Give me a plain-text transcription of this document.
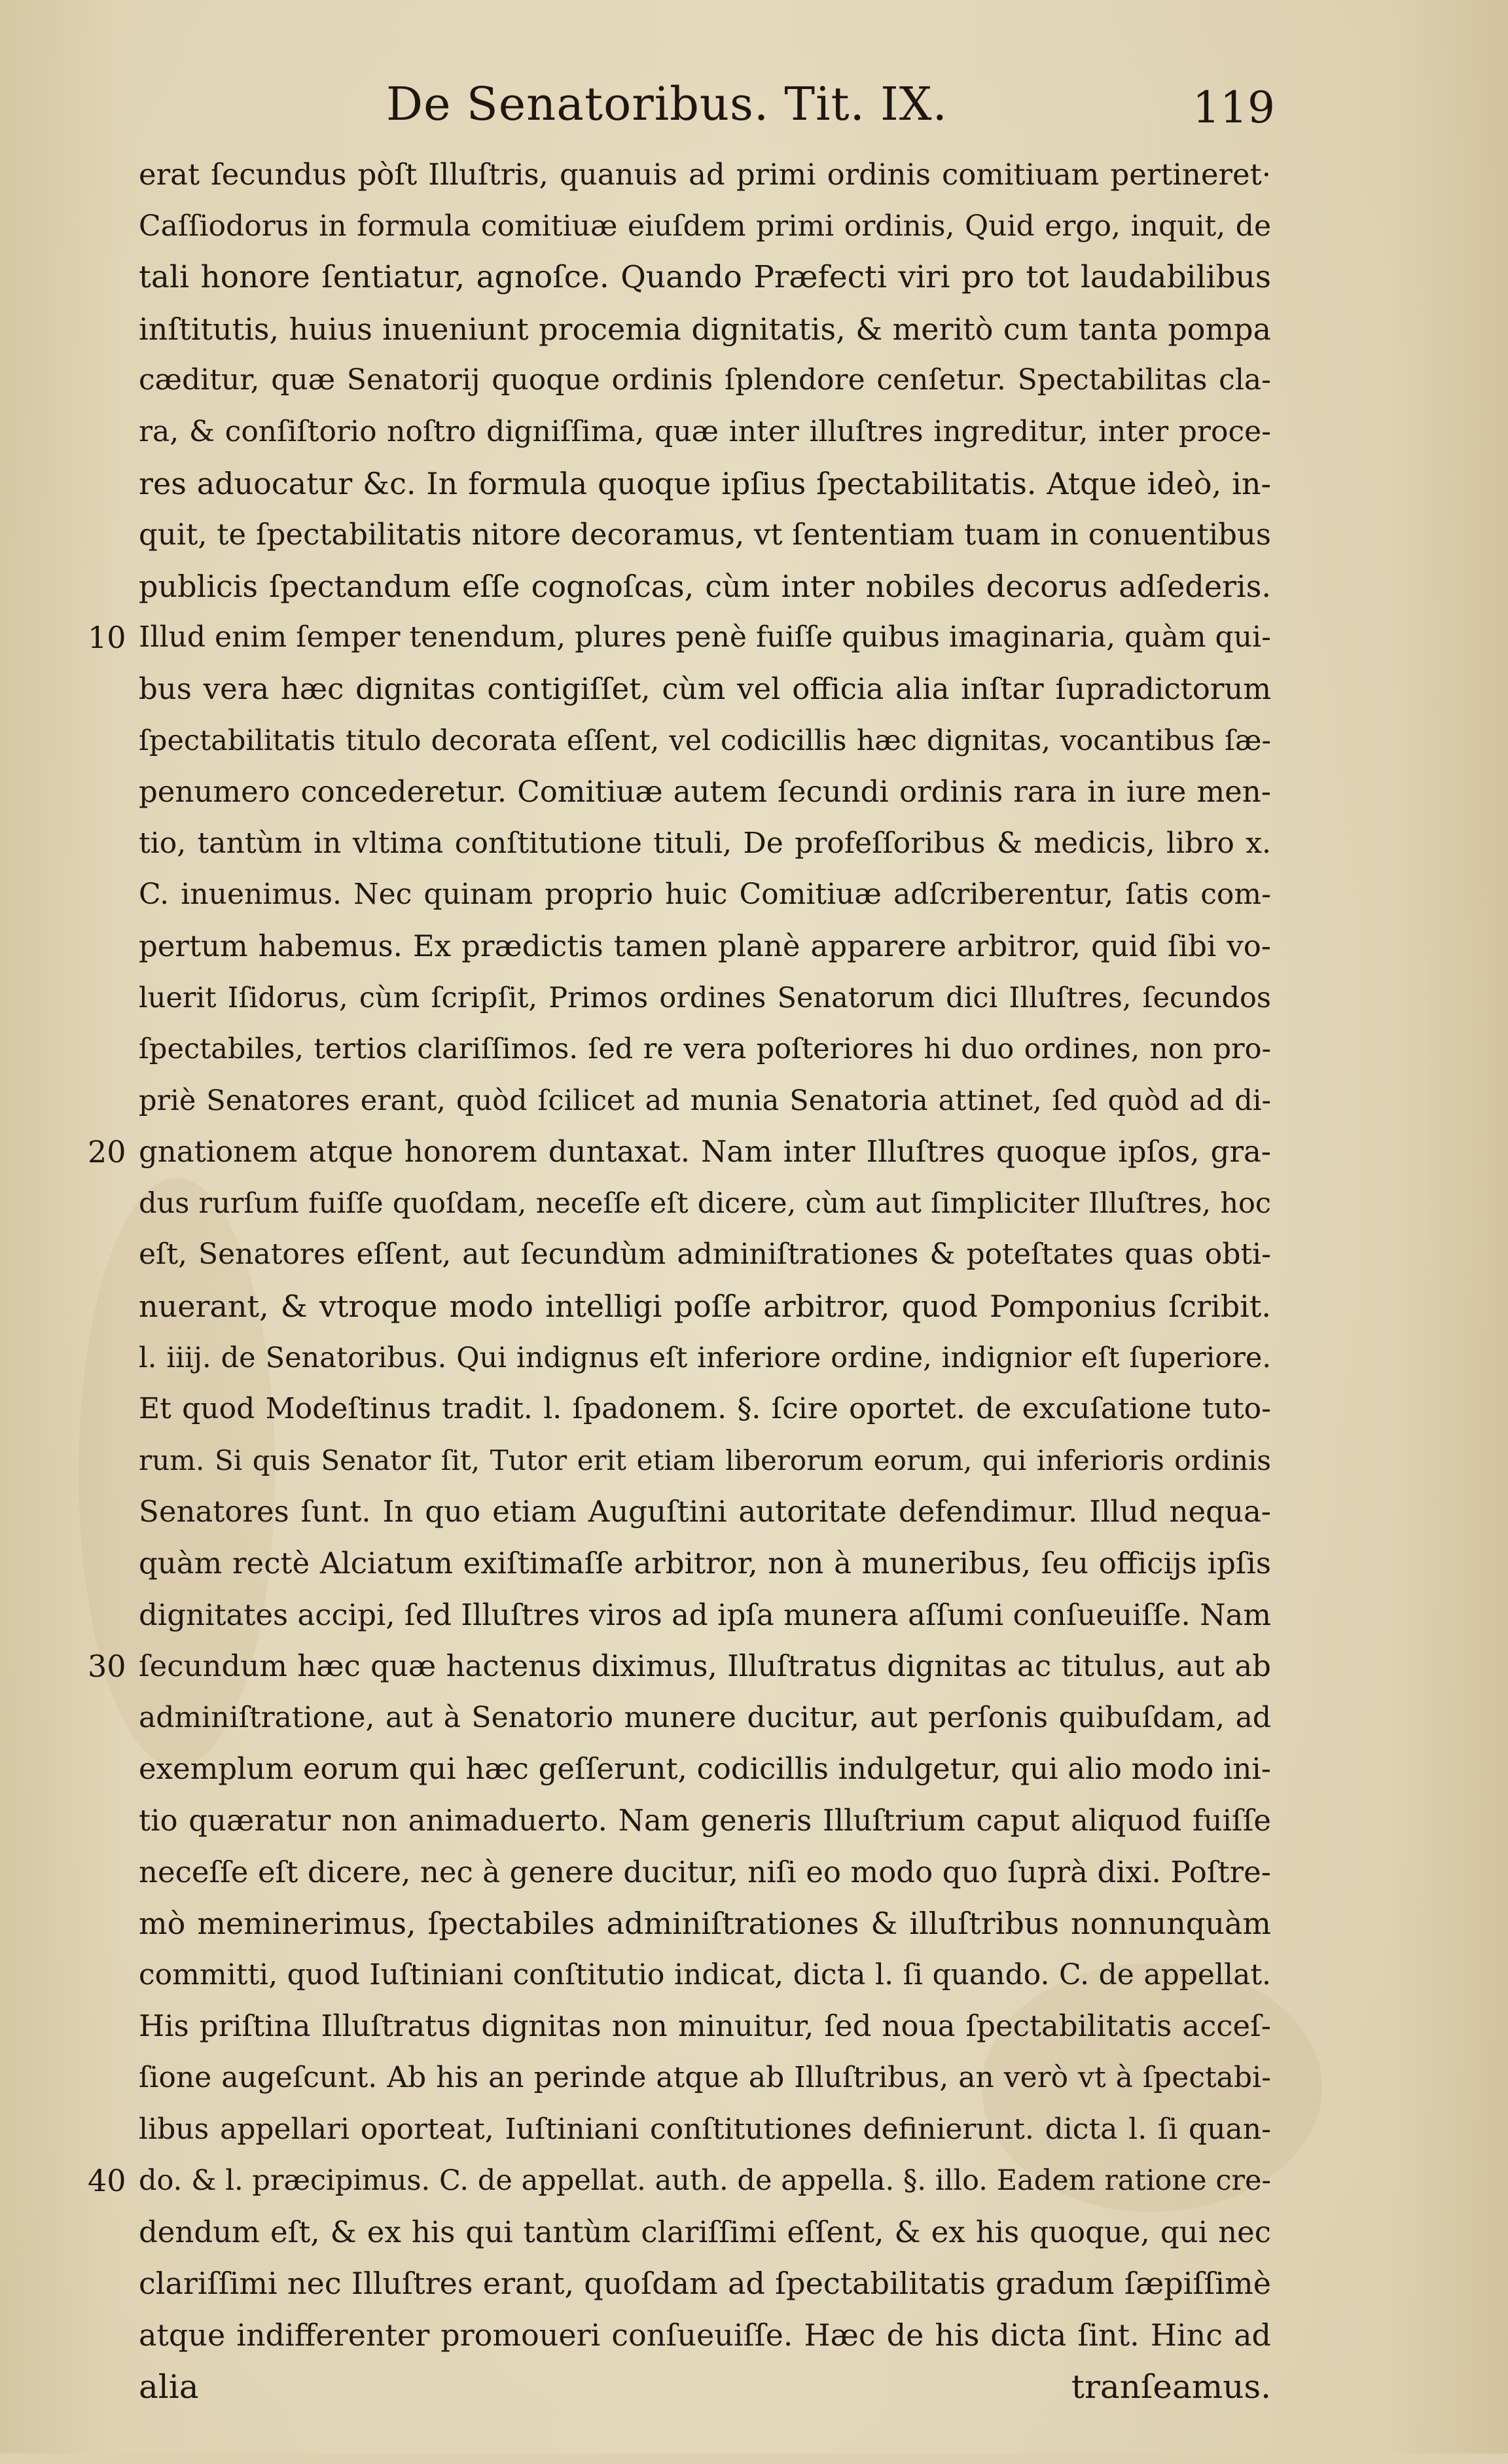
De Senatoribus. Tit. IX.	119
10
20
30
40
erat ſecundus pòſt Illuſtris, quanuis ad primi ordinis comitiuam pertineret·
Caſſiodorus in formula comitiuæ eiuſdem primi ordinis, Quid ergo, inquit, de
tali honore ſentiatur, agnoſce. Quando Præfecti viri pro tot laudabilibus
inſtitutis, huius inueniunt procemia dignitatis, & meritò cum tanta pompa
cæditur, quæ Senatorij quoque ordinis ſplendore cenſetur. Spectabilitas cla-
ra, & conſiſtorio noſtro digniſſima, quæ inter illuſtres ingreditur, inter proce-
res aduocatur &c. In formula quoque ipſius ſpectabilitatis. Atque ideò, in-
quit, te ſpectabilitatis nitore decoramus, vt ſententiam tuam in conuentibus
publicis ſpectandum eſſe cognoſcas, cùm inter nobiles decorus adſederis.
Illud enim ſemper tenendum, plures penè fuiſſe quibus imaginaria, quàm qui-
bus vera hæc dignitas contigiſſet, cùm vel officia alia inſtar ſupradictorum
ſpectabilitatis titulo decorata eſſent, vel codicillis hæc dignitas, vocantibus ſæ-
penumero concederetur. Comitiuæ autem ſecundi ordinis rara in iure men-
tio, tantùm in vltima conſtitutione tituli, De profeſſoribus & medicis, libro x.
C. inuenimus. Nec quinam proprio huic Comitiuæ adſcriberentur, ſatis com-
pertum habemus. Ex prædictis tamen planè apparere arbitror, quid ſibi vo-
luerit Iſidorus, cùm ſcripſit, Primos ordines Senatorum dici Illuſtres, ſecundos
ſpectabiles, tertios clariſſimos. ſed re vera poſteriores hi duo ordines, non pro-
priè Senatores erant, quòd ſcilicet ad munia Senatoria attinet, ſed quòd ad di-
gnationem atque honorem duntaxat. Nam inter Illuſtres quoque ipſos, gra-
dus rurſum fuiſſe quoſdam, neceſſe eſt dicere, cùm aut ſimpliciter Illuſtres, hoc
eſt, Senatores eſſent, aut ſecundùm adminiſtrationes & poteſtates quas obti-
nuerant, & vtroque modo intelligi poſſe arbitror, quod Pomponius ſcribit.
l. iiij. de Senatoribus. Qui indignus eſt inferiore ordine, indignior eſt ſuperiore.
Et quod Modeſtinus tradit. l. ſpadonem. §. ſcire oportet. de excuſatione tuto-
rum. Si quis Senator ſit, Tutor erit etiam liberorum eorum, qui inferioris ordinis
Senatores ſunt. In quo etiam Auguſtini autoritate defendimur. Illud nequa-
quàm rectè Alciatum exiſtimaſſe arbitror, non à muneribus, ſeu officijs ipſis
dignitates accipi, ſed Illuſtres viros ad ipſa munera aſſumi conſueuiſſe. Nam
ſecundum hæc quæ hactenus diximus, Illuſtratus dignitas ac titulus, aut ab
adminiſtratione, aut à Senatorio munere ducitur, aut perſonis quibuſdam, ad
exemplum eorum qui hæc geſſerunt, codicillis indulgetur, qui alio modo ini-
tio quæratur non animaduerto. Nam generis Illuſtrium caput aliquod fuiſſe
neceſſe eſt dicere, nec à genere ducitur, niſi eo modo quo ſuprà dixi. Poſtre-
mò meminerimus, ſpectabiles adminiſtrationes & illuſtribus nonnunquàm
committi, quod Iuſtiniani conſtitutio indicat, dicta l. ſi quando. C. de appellat.
His priſtina Illuſtratus dignitas non minuitur, ſed noua ſpectabilitatis acceſ-
ſione augeſcunt. Ab his an perinde atque ab Illuſtribus, an verò vt à ſpectabi-
libus appellari oporteat, Iuſtiniani conſtitutiones definierunt. dicta l. ſi quan-
do. & l. præcipimus. C. de appellat. auth. de appella. §. illo. Eadem ratione cre-
dendum eſt, & ex his qui tantùm clariſſimi eſſent, & ex his quoque, qui nec
clariſſimi nec Illuſtres erant, quoſdam ad ſpectabilitatis gradum ſæpiſſimè
atque indifferenter promoueri conſueuiſſe. Hæc de his dicta ſint. Hinc ad
alia tranſeamus.
